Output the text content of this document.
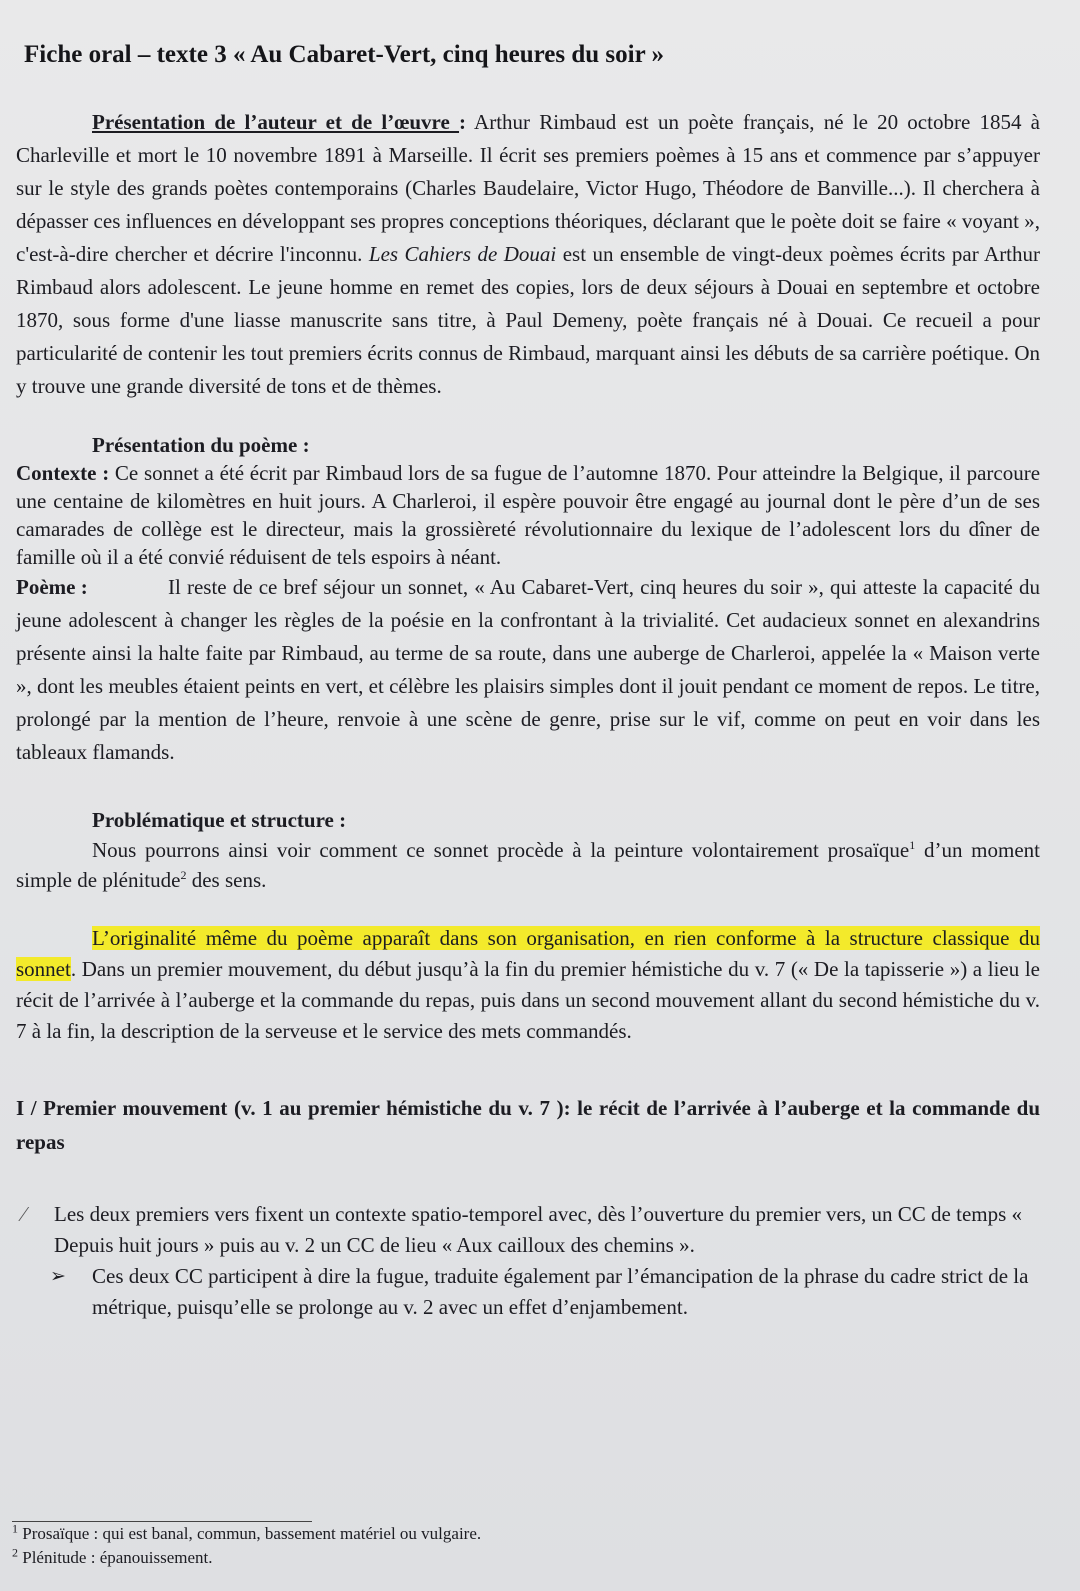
Fiche oral – texte 3 « Au Cabaret-Vert, cinq heures du soir »

Présentation de l’auteur et de l’œuvre : Arthur Rimbaud est un poète français, né le 20 octobre 1854 à Charleville et mort le 10 novembre 1891 à Marseille. Il écrit ses premiers poèmes à 15 ans et commence par s’appuyer sur le style des grands poètes contemporains (Charles Baudelaire, Victor Hugo, Théodore de Banville...). Il cherchera à dépasser ces influences en développant ses propres conceptions théoriques, déclarant que le poète doit se faire « voyant », c'est-à-dire chercher et décrire l'inconnu. Les Cahiers de Douai est un ensemble de vingt-deux poèmes écrits par Arthur Rimbaud alors adolescent. Le jeune homme en remet des copies, lors de deux séjours à Douai en septembre et octobre 1870, sous forme d'une liasse manuscrite sans titre, à Paul Demeny, poète français né à Douai. Ce recueil a pour particularité de contenir les tout premiers écrits connus de Rimbaud, marquant ainsi les débuts de sa carrière poétique. On y trouve une grande diversité de tons et de thèmes.

Présentation du poème :

Contexte : Ce sonnet a été écrit par Rimbaud lors de sa fugue de l’automne 1870. Pour atteindre la Belgique, il parcoure une centaine de kilomètres en huit jours. A Charleroi, il espère pouvoir être engagé au journal dont le père d’un de ses camarades de collège est le directeur, mais la grossièreté révolutionnaire du lexique de l’adolescent lors du dîner de famille où il a été convié réduisent de tels espoirs à néant.

Poème :	Il reste de ce bref séjour un sonnet, « Au Cabaret-Vert, cinq heures du soir », qui atteste la capacité du jeune adolescent à changer les règles de la poésie en la confrontant à la trivialité. Cet audacieux sonnet en alexandrins présente ainsi la halte faite par Rimbaud, au terme de sa route, dans une auberge de Charleroi, appelée la « Maison verte », dont les meubles étaient peints en vert, et célèbre les plaisirs simples dont il jouit pendant ce moment de repos. Le titre, prolongé par la mention de l’heure, renvoie à une scène de genre, prise sur le vif, comme on peut en voir dans les tableaux flamands.

Problématique et structure :

Nous pourrons ainsi voir comment ce sonnet procède à la peinture volontairement prosaïque$^1$ d’un moment simple de plénitude$^2$ des sens.

L’originalité même du poème apparaît dans son organisation, en rien conforme à la structure classique du sonnet. Dans un premier mouvement, du début jusqu’à la fin du premier hémistiche du v. 7 (« De la tapisserie ») a lieu le récit de l’arrivée à l’auberge et la commande du repas, puis dans un second mouvement allant du second hémistiche du v. 7 à la fin, la description de la serveuse et le service des mets commandés.

I / Premier mouvement (v. 1 au premier hémistiche du v. 7 ): le récit de l’arrivée à l’auberge et la commande du repas

⁄ Les deux premiers vers fixent un contexte spatio-temporel avec, dès l’ouverture du premier vers, un CC de temps « Depuis huit jours » puis au v. 2 un CC de lieu « Aux cailloux des chemins ».
➢ Ces deux CC participent à dire la fugue, traduite également par l’émancipation de la phrase du cadre strict de la métrique, puisqu’elle se prolonge au v. 2 avec un effet d’enjambement.
$^1$ Prosaïque : qui est banal, commun, bassement matériel ou vulgaire.
$^2$ Plénitude : épanouissement.
